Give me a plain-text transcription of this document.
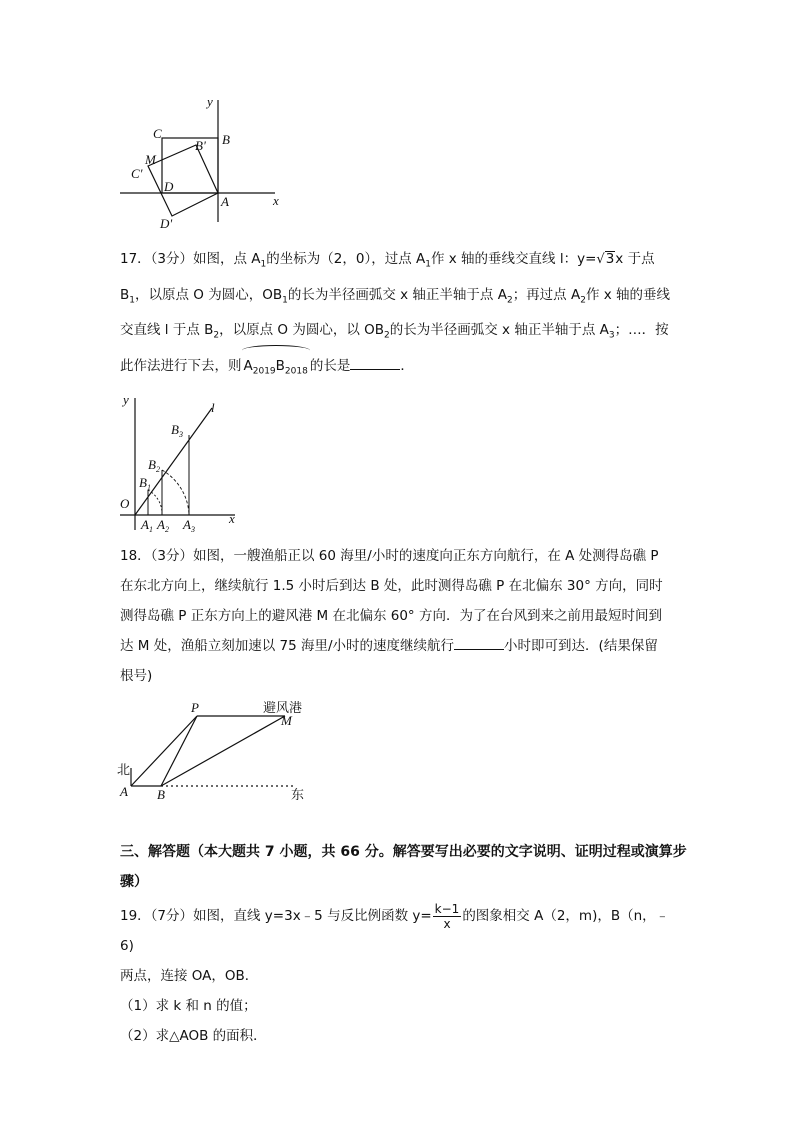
y
x
C	B
B'
M
C'
D
A
D'

17．（3分）如图，点 $A_1$的坐标为（2，0），过点 $A_1$作 x 轴的垂线交直线 l：y=√3x 于点

$B_1$，以原点 O 为圆心，$OB_1$的长为半径画弧交 x 轴正半轴于点 $A_2$；再过点 $A_2$作 x 轴的垂线

交直线 l 于点 $B_2$，以原点 O 为圆心，以 $OB_2$的长为半径画弧交 x 轴正半轴于点 $A_3$；…．按

此作法进行下去，则 $A_{2019}B_{2018}$ 的长是	．

y
l
$B_3$
$B_2$
$B_1$
O
$A_1$ $A_2$ $A_3$
x

18．（3分）如图，一艘渔船正以 60 海里/小时的速度向正东方向航行，在 A 处测得岛礁 P

在东北方向上，继续航行 1.5 小时后到达 B 处，此时测得岛礁 P 在北偏东 30° 方向，同时

测得岛礁 P 正东方向上的避风港 M 在北偏东 60° 方向．为了在台风到来之前用最短时间到

达 M 处，渔船立刻加速以 75 海里/小时的速度继续航行	小时即可到达．(结果保留

根号)

P	避风港
M
北
A B	东
三、解答题（本大题共 7 小题，共 66 分。解答要写出必要的文字说明、证明过程或演算步
骤）

19．（7分）如图，直线 y=3x﹣5 与反比例函数 $y= \frac{k-1}{x}$ 的图象相交 A（2，m)，B（n，﹣6)

两点，连接 OA，OB．

（1）求 k 和 n 的值；

（2）求△AOB 的面积．
